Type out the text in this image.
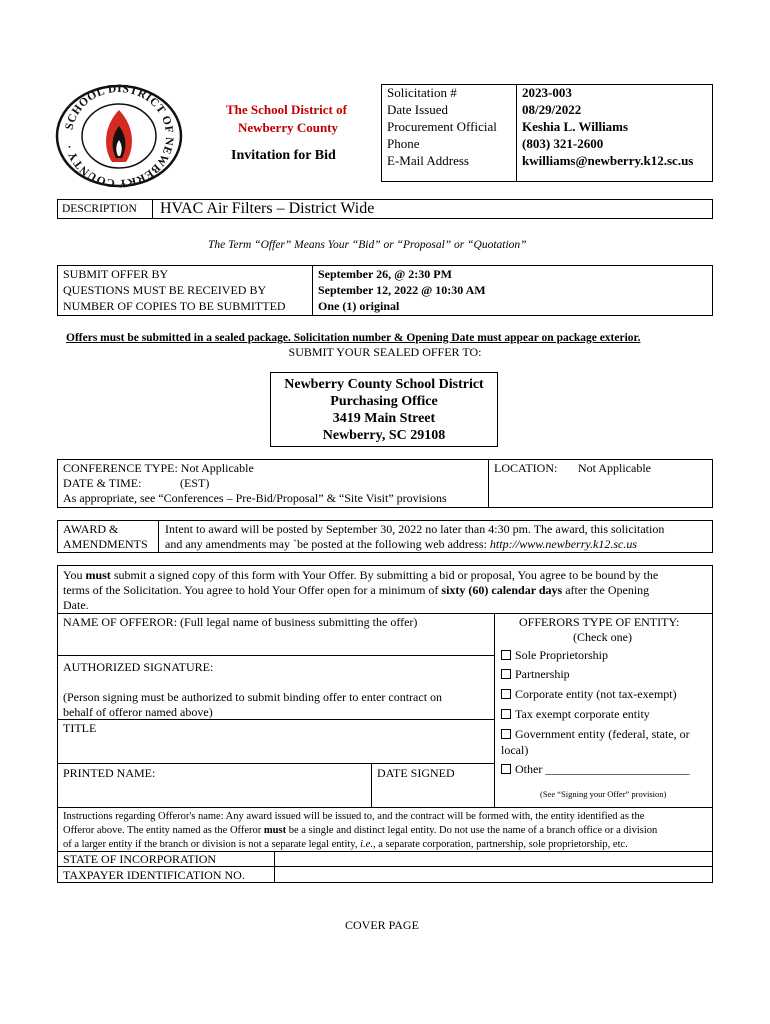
SCHOOL DISTRICT OF NEWBERRY COUNTY ·
The School District of
Newberry County
Invitation for Bid
Solicitation #
Date Issued
Procurement Official
Phone
E-Mail Address
2023-003
08/29/2022
Keshia L. Williams
(803) 321-2600
kwilliams@newberry.k12.sc.us
DESCRIPTION HVAC Air Filters – District Wide
The Term “Offer” Means Your “Bid” or “Proposal” or “Quotation”
SUBMIT OFFER BY
QUESTIONS MUST BE RECEIVED BY
NUMBER OF COPIES TO BE SUBMITTED
September 26, @ 2:30 PM
September 12, 2022 @ 10:30 AM
One (1) original
Offers must be submitted in a sealed package. Solicitation number & Opening Date must appear on package exterior.
SUBMIT YOUR SEALED OFFER TO:
Newberry County School District
Purchasing Office
3419 Main Street
Newberry, SC 29108
CONFERENCE TYPE: Not Applicable
DATE & TIME:	(EST)
As appropriate, see “Conferences – Pre-Bid/Proposal” & “Site Visit” provisions
LOCATION: Not Applicable
AWARD &
AMENDMENTS
Intent to award will be posted by September 30, 2022 no later than 4:30 pm. The award, this solicitation
and any amendments may `be posted at the following web address: http://www.newberry.k12.sc.us
You must submit a signed copy of this form with Your Offer. By submitting a bid or proposal, You agree to be bound by the
terms of the Solicitation. You agree to hold Your Offer open for a minimum of sixty (60) calendar days after the Opening
Date.
NAME OF OFFEROR: (Full legal name of business submitting the offer)
AUTHORIZED SIGNATURE:
(Person signing must be authorized to submit binding offer to enter contract on
behalf of offeror named above)
TITLE
PRINTED NAME:	DATE SIGNED
OFFERORS TYPE OF ENTITY:
(Check one)
Sole Proprietorship
Partnership
Corporate entity (not tax-exempt)
Tax exempt corporate entity
Government entity (federal, state, or
local)
Other ________________________
(See “Signing your Offer” provision)
Instructions regarding Offeror's name: Any award issued will be issued to, and the contract will be formed with, the entity identified as the
Offeror above. The entity named as the Offeror must be a single and distinct legal entity. Do not use the name of a branch office or a division
of a larger entity if the branch or division is not a separate legal entity, i.e., a separate corporation, partnership, sole proprietorship, etc.
STATE OF INCORPORATION
TAXPAYER IDENTIFICATION NO.
COVER PAGE
